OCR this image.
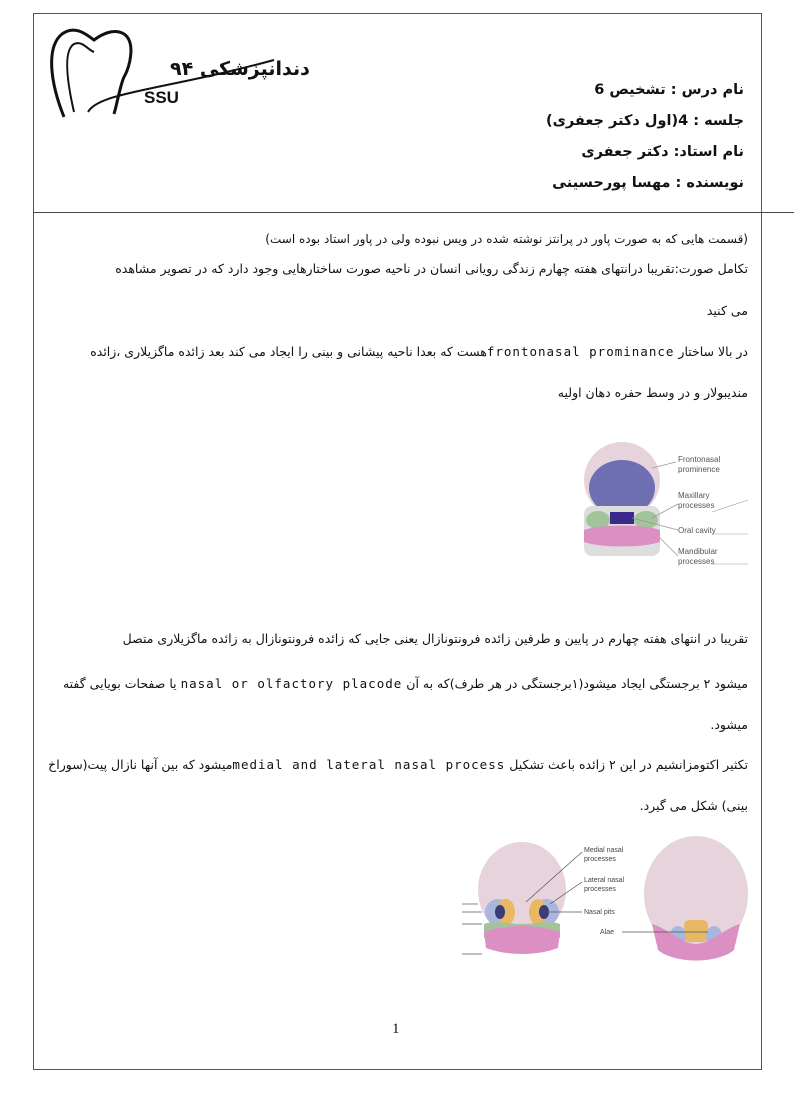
دندانپزشکی ۹۴
SSU	نام درس : تشخیص 6
جلسه : 4(اول دکتر جعفری)
نام استاد: دکتر جعفری
نویسنده : مهسا پورحسینی
(قسمت هایی که به صورت پاور در پرانتز نوشته شده در ویس نبوده ولی در پاور استاد بوده است)
تکامل صورت:تقریبا درانتهای هفته چهارم زندگی رویانی انسان در ناحیه صورت ساختارهایی وجود دارد که در تصویر مشاهده
می کنید
در بالا ساختار frontonasal prominanceهست که بعدا ناحیه پیشانی و بینی را ایجاد می کند بعد زائده ماگزیلاری ،زائده
مندیبولار و در وسط حفره دهان اولیه
Frontonasal
prominence
Maxillary
processes
Oral cavity
Mandibular
processes
تقریبا در انتهای هفته چهارم در پایین و طرفین زائده فرونتونازال یعنی جایی که زائده فرونتونازال به زائده ماگزیلاری متصل
میشود ۲ برجستگی ایجاد میشود(۱برجستگی در هر طرف)که به آن nasal or olfactory placode یا صفحات بویایی گفته
میشود.
تکثیر اکتومزانشیم در این ۲ زائده باعث تشکیل medial and lateral nasal processمیشود که بین آنها نازال پیت(سوراخ
بینی) شکل می گیرد.
Medial nasal
processes
Lateral nasal
processes
Nasal pits
Alae
1
